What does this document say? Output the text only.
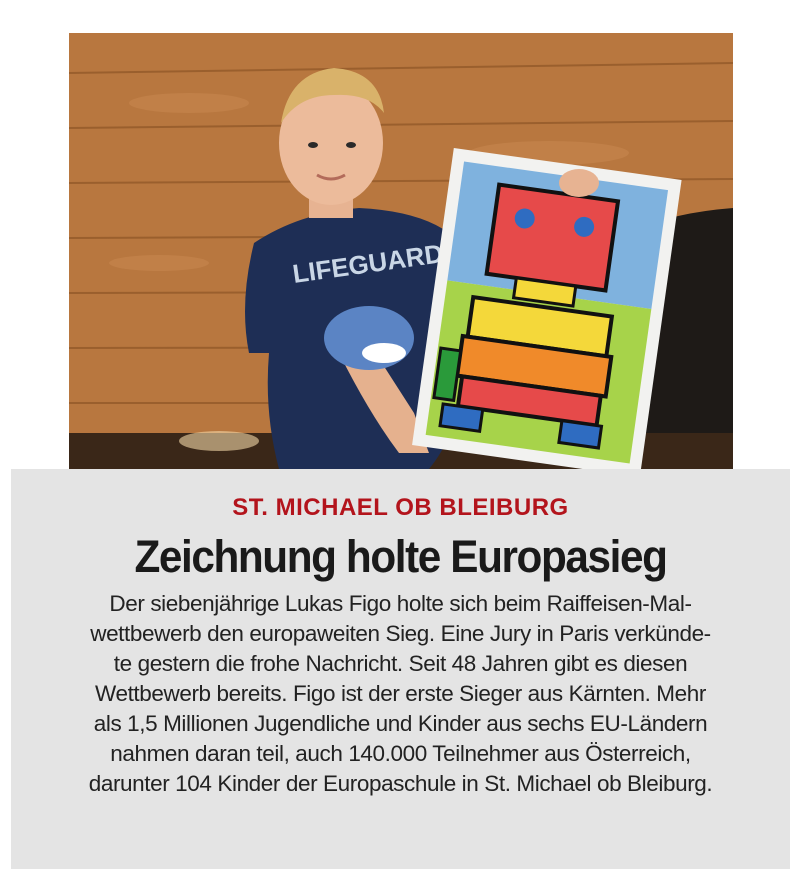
LIFEGUARD
ST. MICHAEL OB BLEIBURG
Zeichnung holte Europasieg
Der siebenjährige Lukas Figo holte sich beim Raiffeisen-Mal-
wettbewerb den europaweiten Sieg. Eine Jury in Paris verkünde-
te gestern die frohe Nachricht. Seit 48 Jahren gibt es diesen
Wettbewerb bereits. Figo ist der erste Sieger aus Kärnten. Mehr
als 1,5 Millionen Jugendliche und Kinder aus sechs EU-Ländern
nahmen daran teil, auch 140.000 Teilnehmer aus Österreich,
darunter 104 Kinder der Europaschule in St. Michael ob Bleiburg.
